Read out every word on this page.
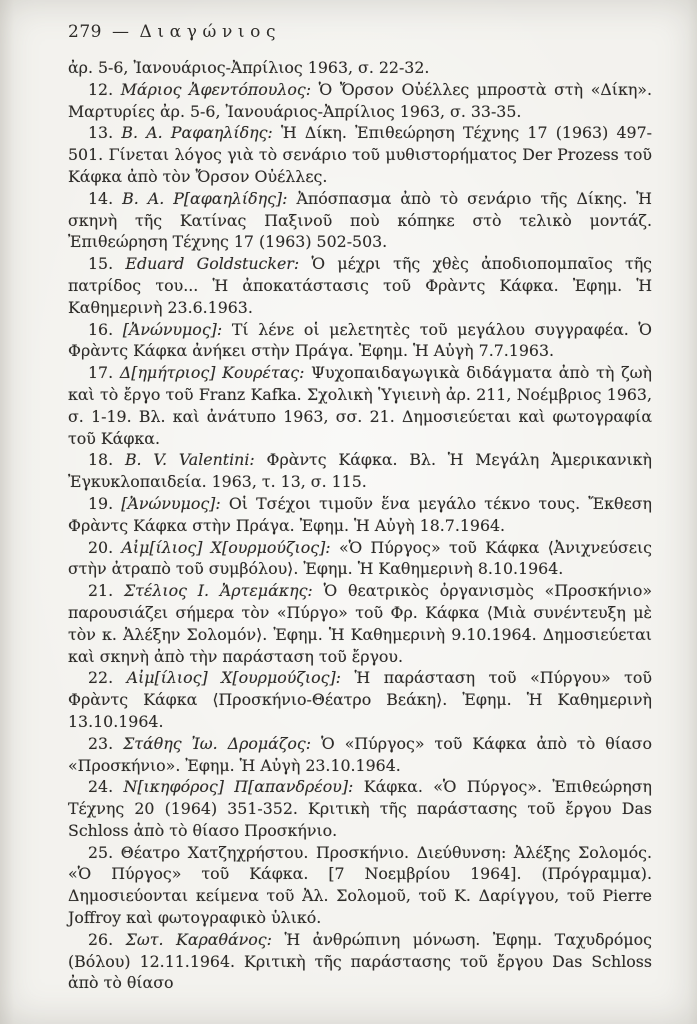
279 — Διαγώνιος

ἀρ. 5-6, Ἰανουάριος-Ἀπρίλιος 1963, σ. 22-32.

12. Μάριος Ἀφεντόπουλος: Ὁ Ὄρσον Οὐέλλες μπροστὰ στὴ «Δίκη». Μαρτυρίες ἀρ. 5-6, Ἰανουάριος-Ἀπρίλιος 1963, σ. 33-35.

13. Β. Α. Ραφαηλίδης: Ἡ Δίκη. Ἐπιθεώρηση Τέχνης 17 (1963) 497-501. Γίνεται λόγος γιὰ τὸ σενάριο τοῦ μυθιστορήματος Der Prozess τοῦ Κάφκα ἀπὸ τὸν Ὄρσον Οὐέλλες.

14. Β. Α. Ρ[αφαηλίδης]: Ἀπόσπασμα ἀπὸ τὸ σενάριο τῆς Δίκης. Ἡ σκηνὴ τῆς Κατίνας Παξινοῦ ποὺ κόπηκε στὸ τελικὸ μοντάζ. Ἐπιθεώρηση Τέχνης 17 (1963) 502-503.

15. Eduard Goldstucker: Ὁ μέχρι τῆς χθὲς ἀποδιοπομπαῖος τῆς πατρίδος του... Ἡ ἀποκατάστασις τοῦ Φρὰντς Κάφκα. Ἐφημ. Ἡ Καθημερινὴ 23.6.1963.

16. [Ἀνώνυμος]: Τί λένε οἱ μελετητὲς τοῦ μεγάλου συγγραφέα. Ὁ Φρὰντς Κάφκα ἀνήκει στὴν Πράγα. Ἐφημ. Ἡ Αὐγὴ 7.7.1963.

17. Δ[ημήτριος] Κουρέτας: Ψυχοπαιδαγωγικὰ διδάγματα ἀπὸ τὴ ζωὴ καὶ τὸ ἔργο τοῦ Franz Kafka. Σχολικὴ Ὑγιεινὴ ἀρ. 211, Νοέμβριος 1963, σ. 1-19. Βλ. καὶ ἀνάτυπο 1963, σσ. 21. Δημοσιεύεται καὶ φωτογραφία τοῦ Κάφκα.

18. B. V. Valentini: Φρὰντς Κάφκα. Βλ. Ἡ Μεγάλη Ἀμερικανικὴ Ἐγκυκλοπαιδεία. 1963, τ. 13, σ. 115.

19. [Ἀνώνυμος]: Οἱ Τσέχοι τιμοῦν ἕνα μεγάλο τέκνο τους. Ἔκθεση Φρὰντς Κάφκα στὴν Πράγα. Ἐφημ. Ἡ Αὐγὴ 18.7.1964.

20. Αἰμ[ίλιος] Χ[ουρμούζιος]: «Ὁ Πύργος» τοῦ Κάφκα ⟨Ἀνιχνεύσεις στὴν ἀτραπὸ τοῦ συμβόλου⟩. Ἐφημ. Ἡ Καθημερινὴ 8.10.1964.

21. Στέλιος Ι. Ἀρτεμάκης: Ὁ θεατρικὸς ὀργανισμὸς «Προσκήνιο» παρουσιάζει σήμερα τὸν «Πύργο» τοῦ Φρ. Κάφκα ⟨Μιὰ συνέντευξη μὲ τὸν κ. Ἀλέξην Σολομόν⟩. Ἐφημ. Ἡ Καθημερινὴ 9.10.1964. Δημοσιεύεται καὶ σκηνὴ ἀπὸ τὴν παράσταση τοῦ ἔργου.

22. Αἰμ[ίλιος] Χ[ουρμούζιος]: Ἡ παράσταση τοῦ «Πύργου» τοῦ Φρὰντς Κάφκα ⟨Προσκήνιο-Θέατρο Βεάκη⟩. Ἐφημ. Ἡ Καθημερινὴ 13.10.1964.

23. Στάθης Ἰω. Δρομάζος: Ὁ «Πύργος» τοῦ Κάφκα ἀπὸ τὸ θίασο «Προσκήνιο». Ἐφημ. Ἡ Αὐγὴ 23.10.1964.

24. Ν[ικηφόρος] Π[απανδρέου]: Κάφκα. «Ὁ Πύργος». Ἐπιθεώρηση Τέχνης 20 (1964) 351-352. Κριτικὴ τῆς παράστασης τοῦ ἔργου Das Schloss ἀπὸ τὸ θίασο Προσκήνιο.

25. Θέατρο Χατζηχρήστου. Προσκήνιο. Διεύθυνση: Ἀλέξης Σολομός. «Ὁ Πύργος» τοῦ Κάφκα. [7 Νοεμβρίου 1964]. (Πρόγραμμα). Δημοσιεύονται κείμενα τοῦ Ἀλ. Σολομοῦ, τοῦ Κ. Δαρίγγου, τοῦ Pierre Joffroy καὶ φωτογραφικὸ ὑλικό.

26. Σωτ. Καραθάνος: Ἡ ἀνθρώπινη μόνωση. Ἐφημ. Ταχυδρόμος (Βόλου) 12.11.1964. Κριτικὴ τῆς παράστασης τοῦ ἔργου Das Schloss ἀπὸ τὸ θίασο
